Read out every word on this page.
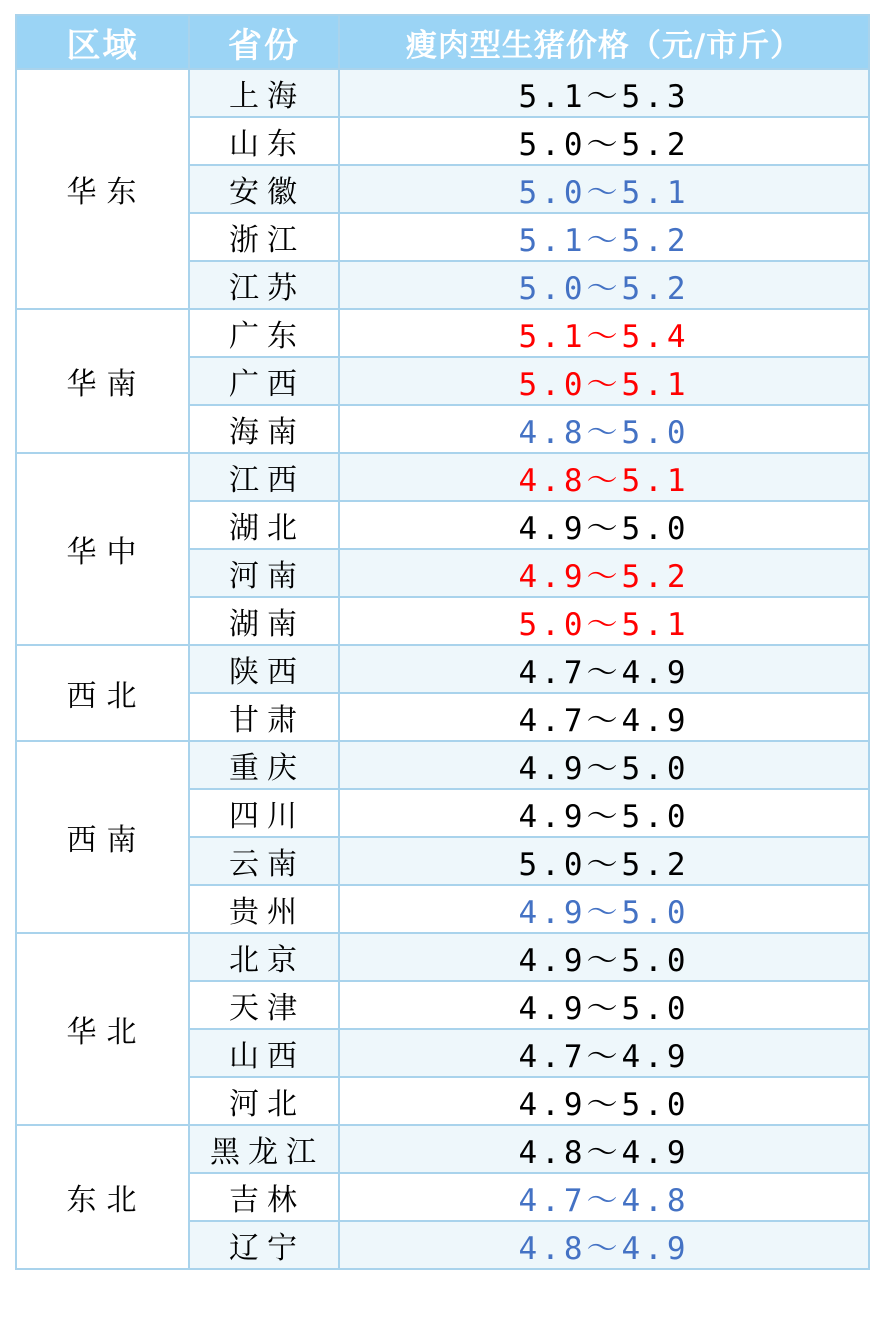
区域	省份	瘦肉型生猪价格（元/市斤）
华东	上海	5.1～5.3
	山东	5.0～5.2
	安徽	5.0～5.1
	浙江	5.1～5.2
	江苏	5.0～5.2
华南	广东	5.1～5.4
	广西	5.0～5.1
	海南	4.8～5.0
华中	江西	4.8～5.1
	湖北	4.9～5.0
	河南	4.9～5.2
	湖南	5.0～5.1
西北	陕西	4.7～4.9
	甘肃	4.7～4.9
西南	重庆	4.9～5.0
	四川	4.9～5.0
	云南	5.0～5.2
	贵州	4.9～5.0
华北	北京	4.9～5.0
	天津	4.9～5.0
	山西	4.7～4.9
	河北	4.9～5.0
东北	黑龙江	4.8～4.9
	吉林	4.7～4.8
	辽宁	4.8～4.9
